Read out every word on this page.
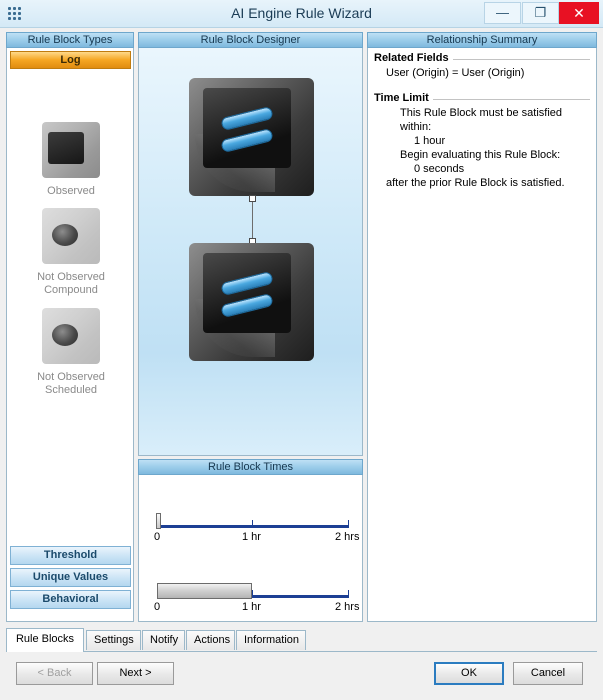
AI Engine Rule Wizard	—	❐	✕
Rule Block Types
Log
Observed
Not Observed
Compound
Not Observed
Scheduled
Threshold
Unique Values
Behavioral
Rule Block Designer
Rule Block Times
0	1 hr	2 hrs
0	1 hr	2 hrs
Relationship Summary
Related Fields
User (Origin) = User (Origin)
Time Limit
This Rule Block must be satisfied within:
1 hour
Begin evaluating this Rule Block:
0 seconds
after the prior Rule Block is satisfied.
Rule Blocks	Settings	Notify	Actions	Information
< Back	Next >	OK	Cancel
